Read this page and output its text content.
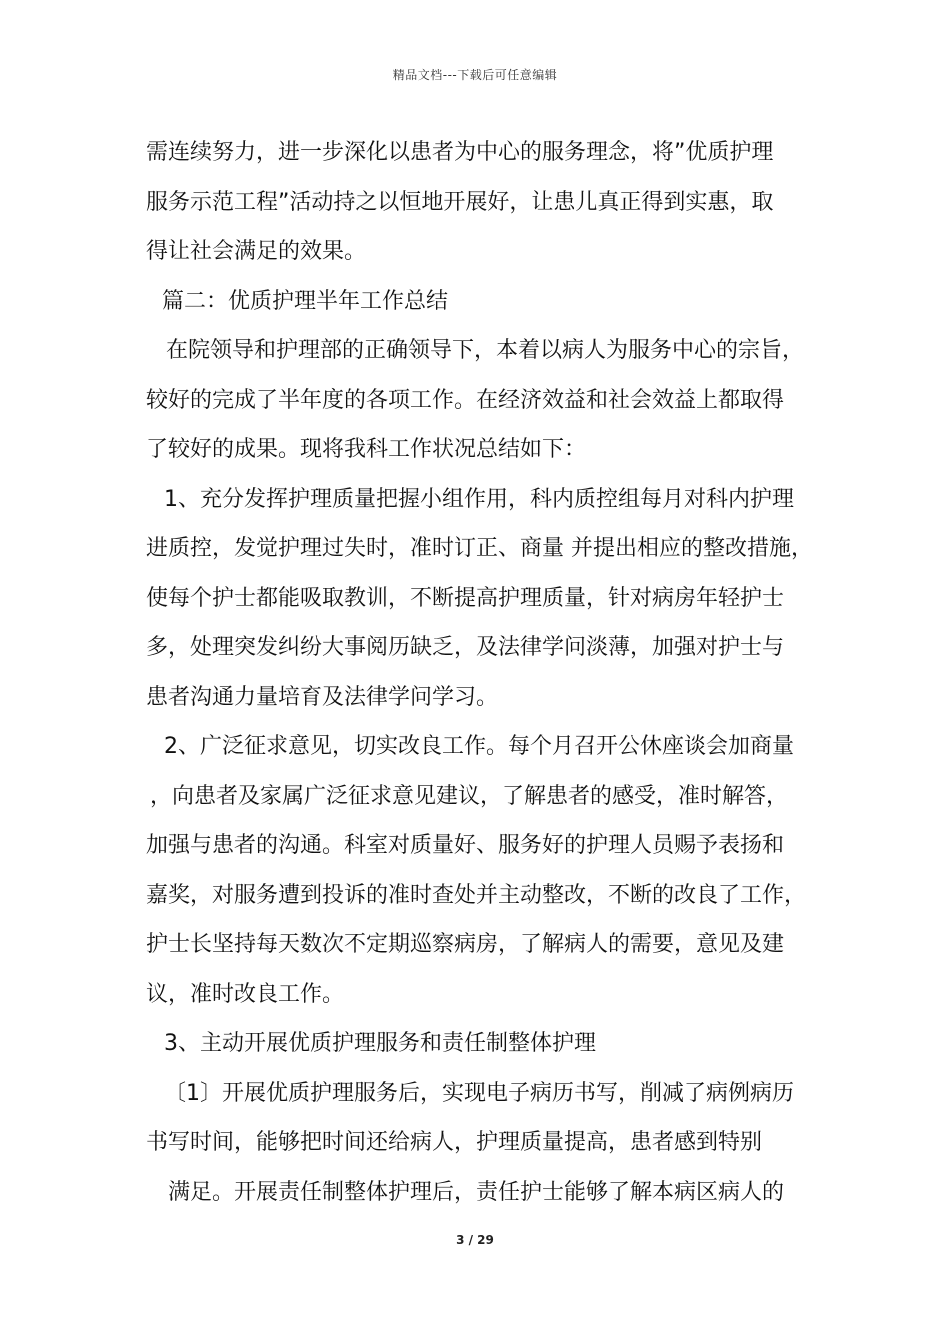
精品文档---下载后可任意编辑
需连续努力，进一步深化以患者为中心的服务理念，将”优质护理
服务示范工程”活动持之以恒地开展好，让患儿真正得到实惠，取
得让社会满足的效果。
篇二：优质护理半年工作总结
在院领导和护理部的正确领导下，本着以病人为服务中心的宗旨，
较好的完成了半年度的各项工作。在经济效益和社会效益上都取得
了较好的成果。现将我科工作状况总结如下：
1、充分发挥护理质量把握小组作用，科内质控组每月对科内护理
进质控，发觉护理过失时，准时订正、商量 并提出相应的整改措施，
使每个护士都能吸取教训，不断提高护理质量，针对病房年轻护士
多，处理突发纠纷大事阅历缺乏，及法律学问淡薄，加强对护士与
患者沟通力量培育及法律学问学习。
2、广泛征求意见，切实改良工作。每个月召开公休座谈会加商量
，向患者及家属广泛征求意见建议，了解患者的感受，准时解答，
加强与患者的沟通。科室对质量好、服务好的护理人员赐予表扬和
嘉奖，对服务遭到投诉的准时查处并主动整改，不断的改良了工作，
护士长坚持每天数次不定期巡察病房，了解病人的需要，意见及建
议，准时改良工作。
3、主动开展优质护理服务和责任制整体护理
〔1〕开展优质护理服务后，实现电子病历书写，削减了病例病历
书写时间，能够把时间还给病人，护理质量提高，患者感到特别
满足。开展责任制整体护理后，责任护士能够了解本病区病人的
3 / 29
